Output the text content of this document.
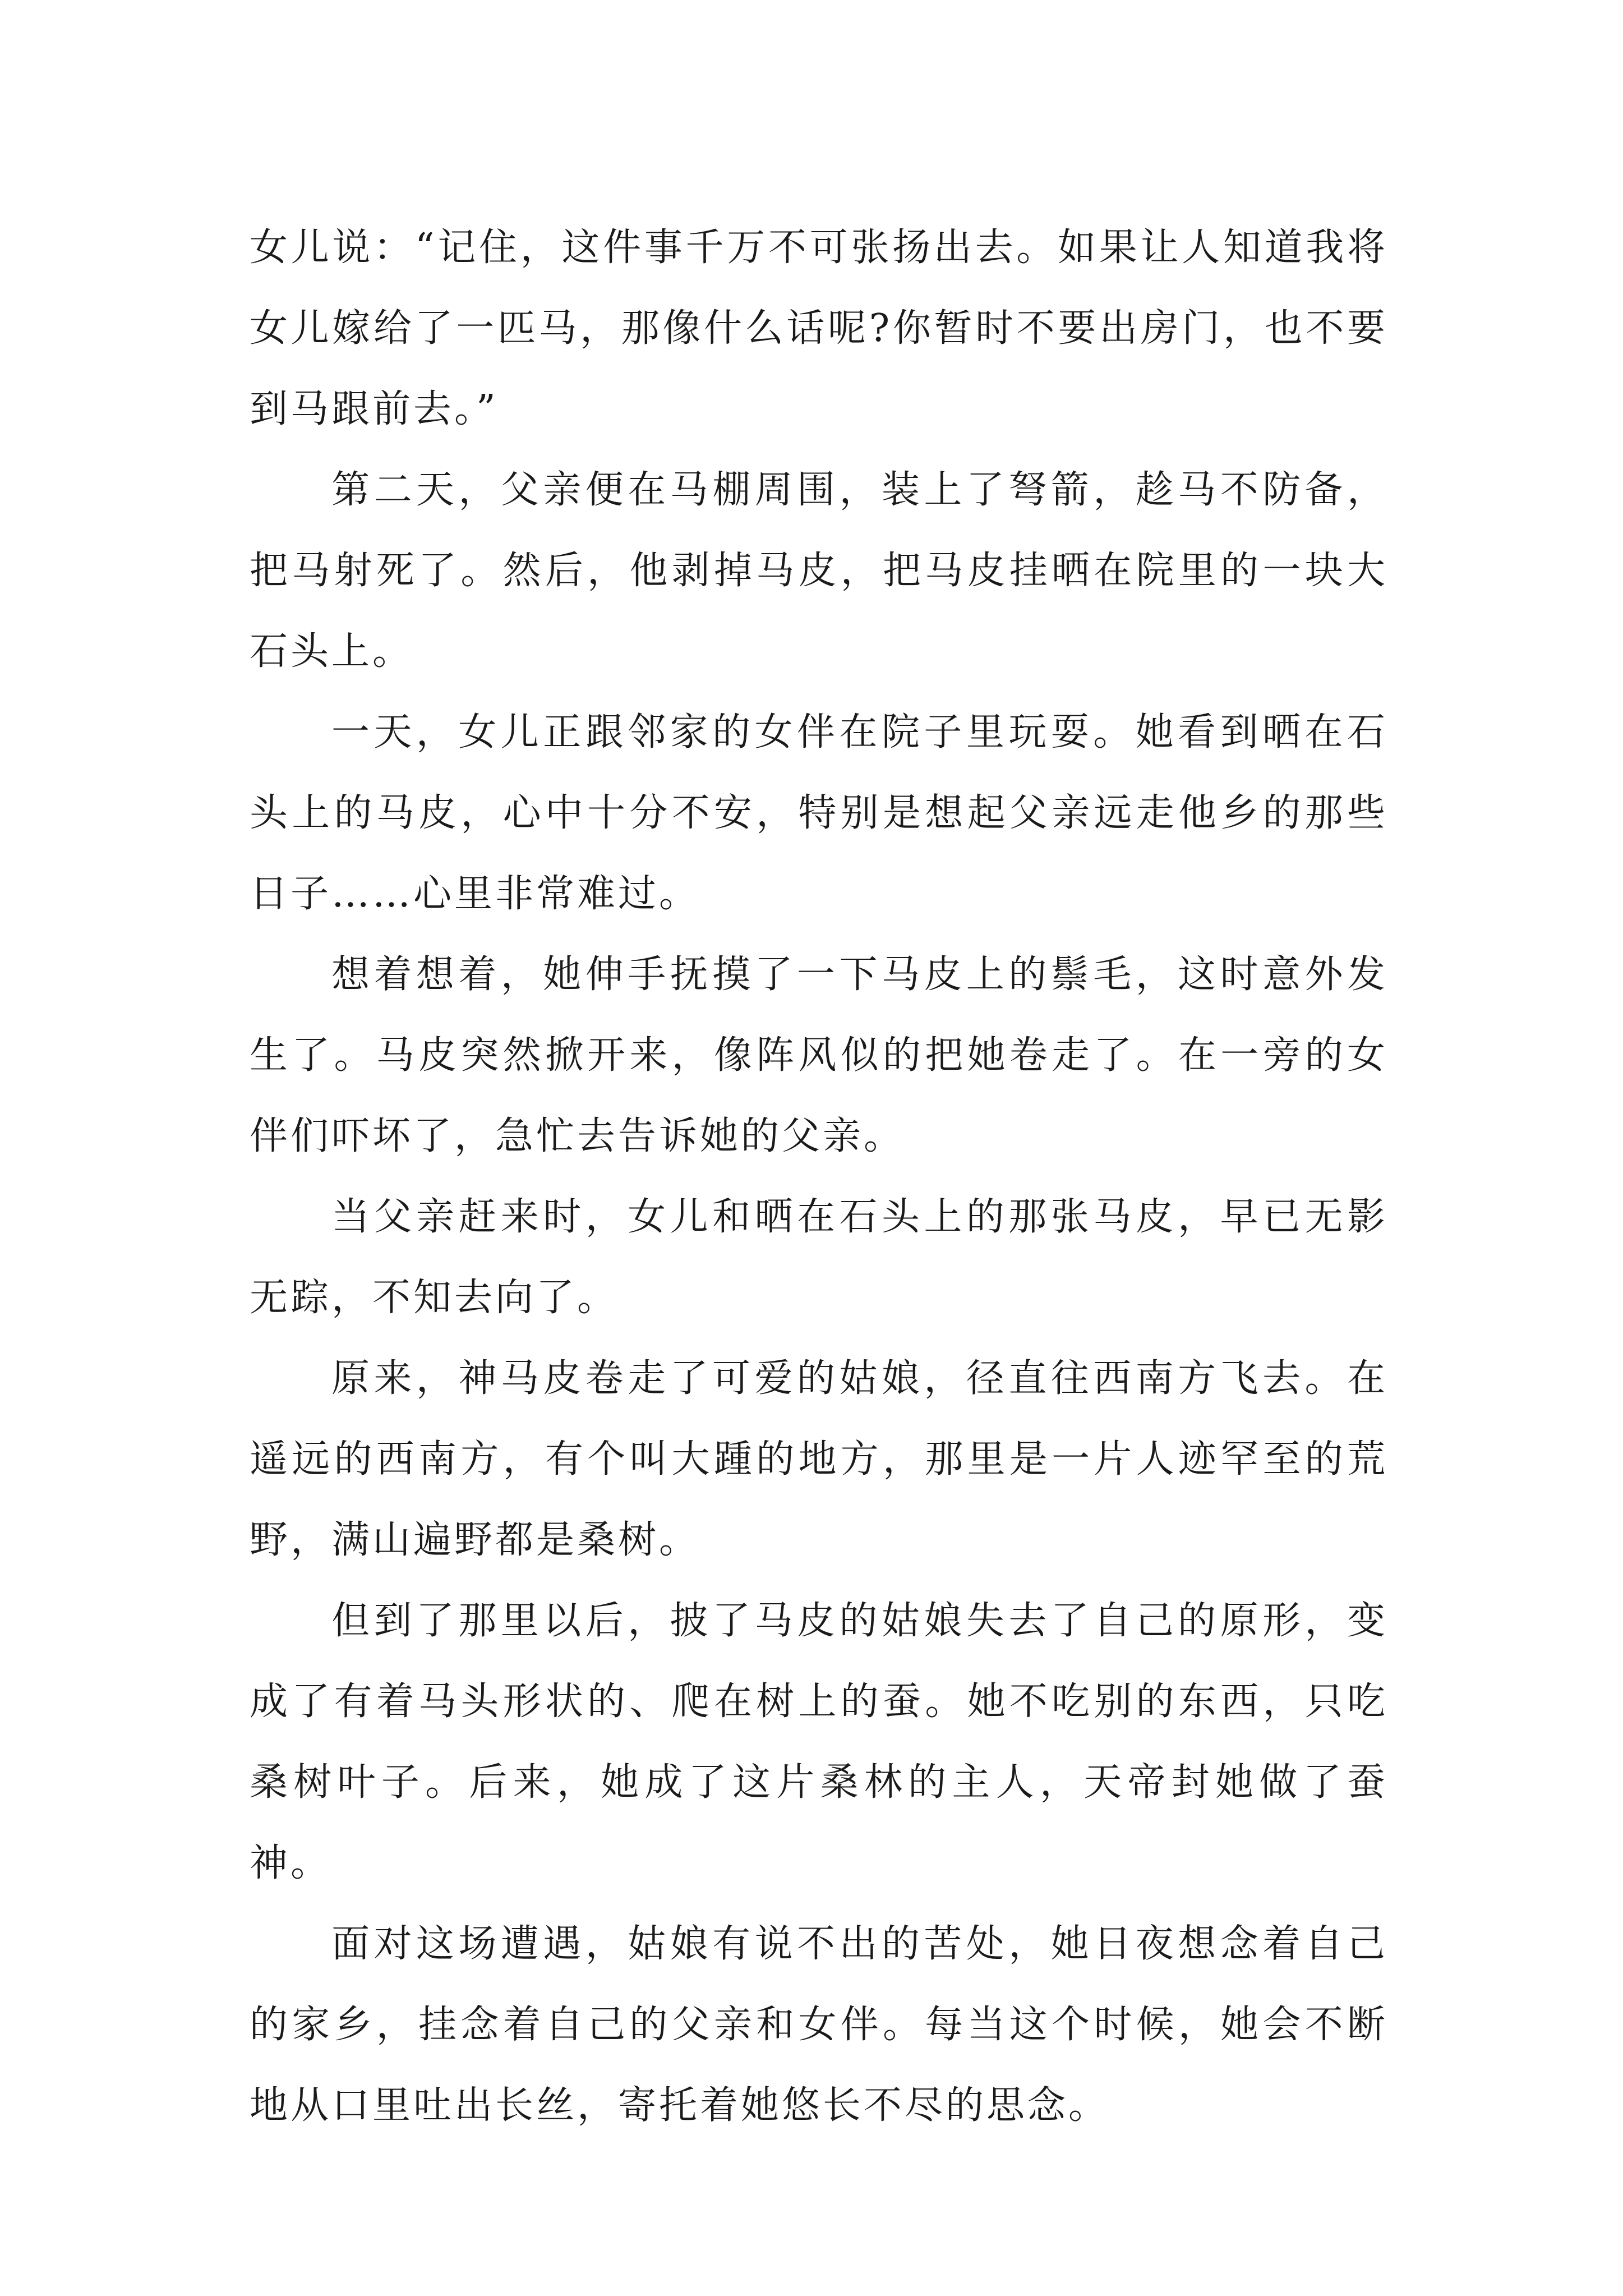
女儿说：“记住，这件事千万不可张扬出去。如果让人知道我将女儿嫁给了一匹马，那像什么话呢?你暂时不要出房门，也不要到马跟前去。”

第二天，父亲便在马棚周围，装上了弩箭，趁马不防备，把马射死了。然后，他剥掉马皮，把马皮挂晒在院里的一块大石头上。

一天，女儿正跟邻家的女伴在院子里玩耍。她看到晒在石头上的马皮，心中十分不安，特别是想起父亲远走他乡的那些日子……心里非常难过。

想着想着，她伸手抚摸了一下马皮上的鬃毛，这时意外发生了。马皮突然掀开来，像阵风似的把她卷走了。在一旁的女伴们吓坏了，急忙去告诉她的父亲。

当父亲赶来时，女儿和晒在石头上的那张马皮，早已无影无踪，不知去向了。

原来，神马皮卷走了可爱的姑娘，径直往西南方飞去。在遥远的西南方，有个叫大踵的地方，那里是一片人迹罕至的荒野，满山遍野都是桑树。

但到了那里以后，披了马皮的姑娘失去了自己的原形，变成了有着马头形状的、爬在树上的蚕。她不吃别的东西，只吃桑树叶子。后来，她成了这片桑林的主人，天帝封她做了蚕神。

面对这场遭遇，姑娘有说不出的苦处，她日夜想念着自己的家乡，挂念着自己的父亲和女伴。每当这个时候，她会不断地从口里吐出长丝，寄托着她悠长不尽的思念。
